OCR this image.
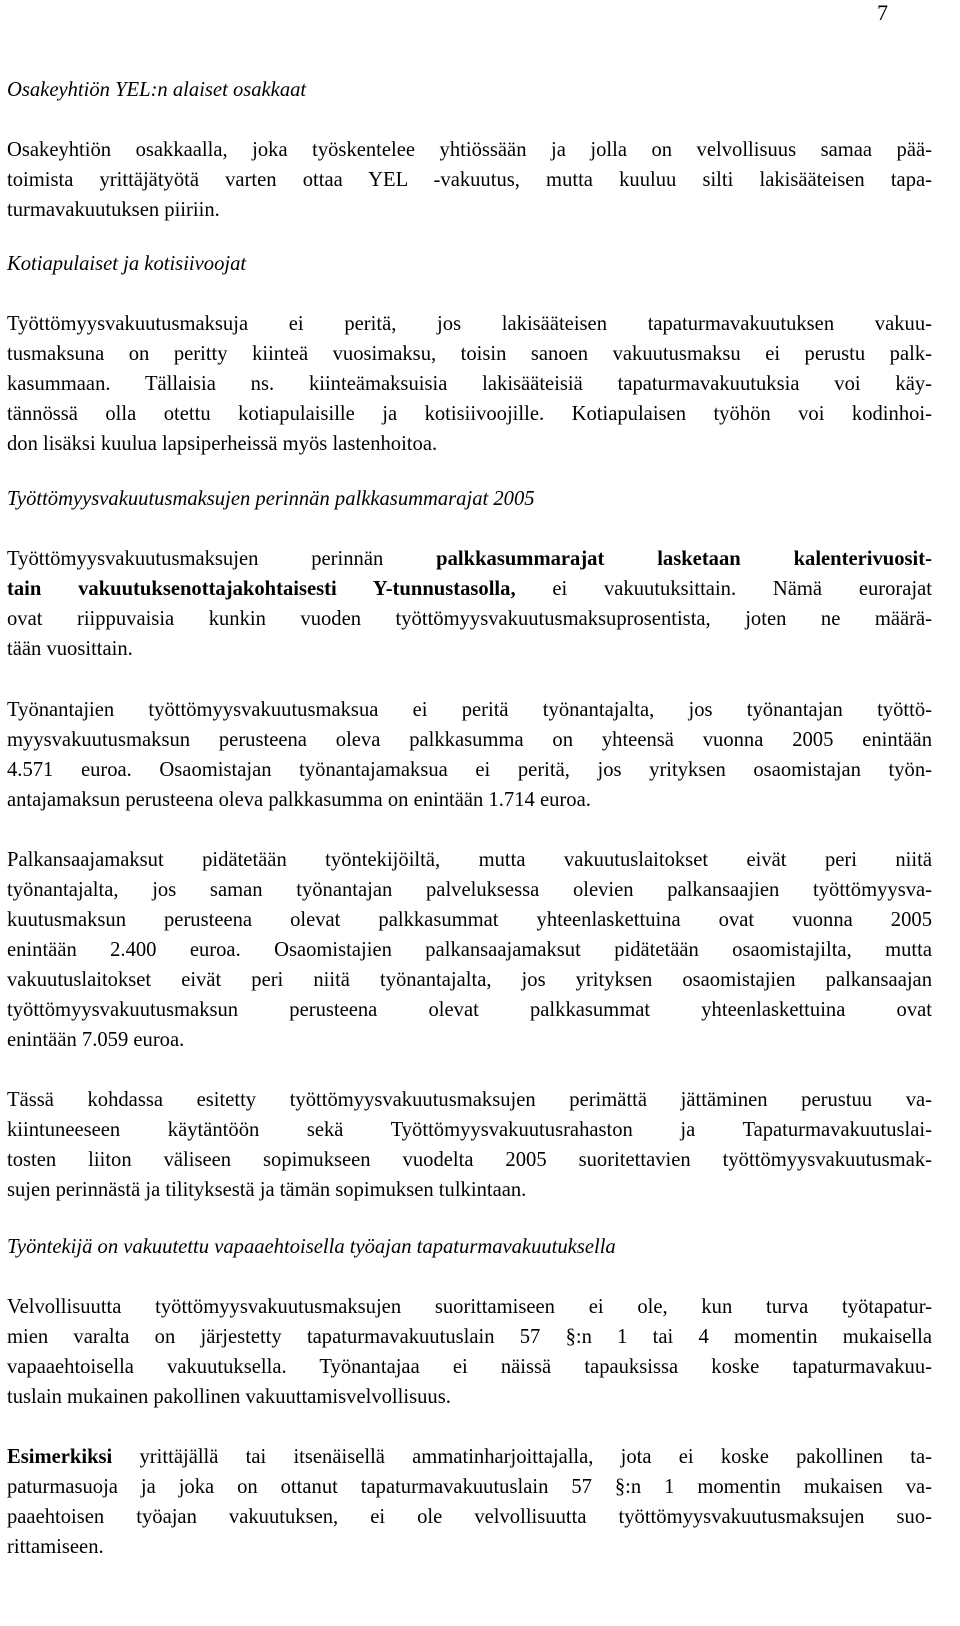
7
Osakeyhtiön YEL:n alaiset osakkaat

Osakeyhtiön osakkaalla, joka työskentelee yhtiössään ja jolla on velvollisuus samaa pää-
toimista yrittäjätyötä varten ottaa YEL -vakuutus, mutta kuuluu silti lakisääteisen tapa-
turmavakuutuksen piiriin.

Kotiapulaiset ja kotisiivoojat

Työttömyysvakuutusmaksuja ei peritä, jos lakisääteisen tapaturmavakuutuksen vakuu-
tusmaksuna on peritty kiinteä vuosimaksu, toisin sanoen vakuutusmaksu ei perustu palk-
kasummaan. Tällaisia ns. kiinteämaksuisia lakisääteisiä tapaturmavakuutuksia voi käy-
tännössä olla otettu kotiapulaisille ja kotisiivoojille. Kotiapulaisen työhön voi kodinhoi-
don lisäksi kuulua lapsiperheissä myös lastenhoitoa.

Työttömyysvakuutusmaksujen perinnän palkkasummarajat 2005

Työttömyysvakuutusmaksujen perinnän palkkasummarajat lasketaan kalenterivuosit-
tain vakuutuksenottajakohtaisesti Y-tunnustasolla, ei vakuutuksittain. Nämä eurorajat
ovat riippuvaisia kunkin vuoden työttömyysvakuutusmaksuprosentista, joten ne määrä-
tään vuosittain.

Työnantajien työttömyysvakuutusmaksua ei peritä työnantajalta, jos työnantajan työttö-
myysvakuutusmaksun perusteena oleva palkkasumma on yhteensä vuonna 2005 enintään
4.571 euroa. Osaomistajan työnantajamaksua ei peritä, jos yrityksen osaomistajan työn-
antajamaksun perusteena oleva palkkasumma on enintään 1.714 euroa.

Palkansaajamaksut pidätetään työntekijöiltä, mutta vakuutuslaitokset eivät peri niitä
työnantajalta, jos saman työnantajan palveluksessa olevien palkansaajien työttömyysva-
kuutusmaksun perusteena olevat palkkasummat yhteenlaskettuina ovat vuonna 2005
enintään 2.400 euroa. Osaomistajien palkansaajamaksut pidätetään osaomistajilta, mutta
vakuutuslaitokset eivät peri niitä työnantajalta, jos yrityksen osaomistajien palkansaajan
työttömyysvakuutusmaksun perusteena olevat palkkasummat yhteenlaskettuina ovat
enintään 7.059 euroa.

Tässä kohdassa esitetty työttömyysvakuutusmaksujen perimättä jättäminen perustuu va-
kiintuneeseen käytäntöön sekä Työttömyysvakuutusrahaston ja Tapaturmavakuutuslai-
tosten liiton väliseen sopimukseen vuodelta 2005 suoritettavien työttömyysvakuutusmak-
sujen perinnästä ja tilityksestä ja tämän sopimuksen tulkintaan.

Työntekijä on vakuutettu vapaaehtoisella työajan tapaturmavakuutuksella

Velvollisuutta työttömyysvakuutusmaksujen suorittamiseen ei ole, kun turva työtapatur-
mien varalta on järjestetty tapaturmavakuutuslain 57 §:n 1 tai 4 momentin mukaisella
vapaaehtoisella vakuutuksella. Työnantajaa ei näissä tapauksissa koske tapaturmavakuu-
tuslain mukainen pakollinen vakuuttamisvelvollisuus.

Esimerkiksi yrittäjällä tai itsenäisellä ammatinharjoittajalla, jota ei koske pakollinen ta-
paturmasuoja ja joka on ottanut tapaturmavakuutuslain 57 §:n 1 momentin mukaisen va-
paaehtoisen työajan vakuutuksen, ei ole velvollisuutta työttömyysvakuutusmaksujen suo-
rittamiseen.
